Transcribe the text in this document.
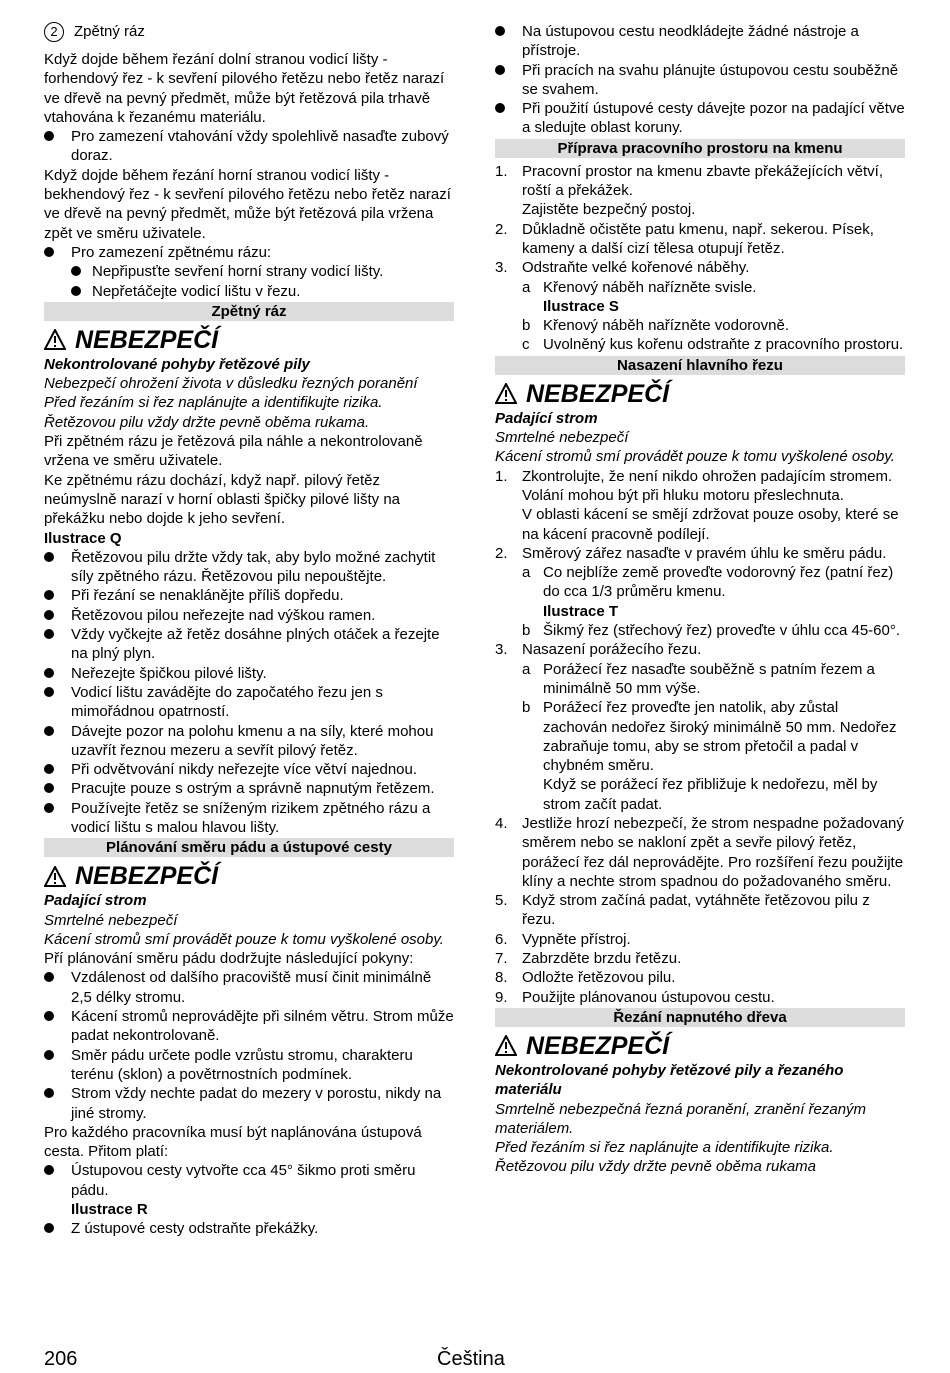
2 Zpětný ráz

Když dojde během řezání dolní stranou vodicí lišty - forhendový řez - k sevření pilového řetězu nebo řetěz narazí ve dřevě na pevný předmět, může být řetězová pila trhavě vtahována k řezanému materiálu.

Pro zamezení vtahování vždy spolehlivě nasaďte zubový doraz.

Když dojde během řezání horní stranou vodicí lišty - bekhendový řez - k sevření pilového řetězu nebo řetěz narazí ve dřevě na pevný předmět, může být řetězová pila vržena zpět ve směru uživatele.

Pro zamezení zpětnému rázu:

Nepřipusťte sevření horní strany vodicí lišty.

Nepřetáčejte vodicí lištu v řezu.

Zpětný ráz
NEBEZPEČÍ

Nekontrolované pohyby řetězové pily

Nebezpečí ohrožení života v důsledku řezných poranění

Před řezáním si řez naplánujte a identifikujte rizika. Řetězovou pilu vždy držte pevně oběma rukama.

Při zpětném rázu je řetězová pila náhle a nekontrolovaně vržena ve směru uživatele.

Ke zpětnému rázu dochází, když např. pilový řetěz neúmyslně narazí v horní oblasti špičky pilové lišty na překážku nebo dojde k jeho sevření.

Ilustrace Q

Řetězovou pilu držte vždy tak, aby bylo možné zachytit síly zpětného rázu. Řetězovou pilu nepouštějte.

Při řezání se nenaklánějte příliš dopředu.

Řetězovou pilou neřezejte nad výškou ramen.

Vždy vyčkejte až řetěz dosáhne plných otáček a řezejte na plný plyn.

Neřezejte špičkou pilové lišty.

Vodicí lištu zavádějte do započatého řezu jen s mimořádnou opatrností.

Dávejte pozor na polohu kmenu a na síly, které mohou uzavřít řeznou mezeru a sevřít pilový řetěz.

Při odvětvování nikdy neřezejte více větví najednou.

Pracujte pouze s ostrým a správně napnutým řetězem.

Používejte řetěz se sníženým rizikem zpětného rázu a vodicí lištu s malou hlavou lišty.

Plánování směru pádu a ústupové cesty
NEBEZPEČÍ

Padající strom

Smrtelné nebezpečí

Kácení stromů smí provádět pouze k tomu vyškolené osoby.

Pří plánování směru pádu dodržujte následující pokyny:

Vzdálenost od dalšího pracoviště musí činit minimálně 2,5 délky stromu.

Kácení stromů neprovádějte při silném větru. Strom může padat nekontrolovaně.

Směr pádu určete podle vzrůstu stromu, charakteru terénu (sklon) a povětrnostních podmínek.

Strom vždy nechte padat do mezery v porostu, nikdy na jiné stromy.

Pro každého pracovníka musí být naplánována ústupová cesta. Přitom platí:

Ústupovou cesty vytvořte cca 45° šikmo proti směru pádu.

Ilustrace R

Z ústupové cesty odstraňte překážky.

Na ústupovou cestu neodkládejte žádné nástroje a přístroje.

Při pracích na svahu plánujte ústupovou cestu souběžně se svahem.

Při použití ústupové cesty dávejte pozor na padající větve a sledujte oblast koruny.

Příprava pracovního prostoru na kmenu

1. Pracovní prostor na kmenu zbavte překážejících větví, roští a překážek.

Zajistěte bezpečný postoj.

2. Důkladně očistěte patu kmenu, např. sekerou. Písek, kameny a další cizí tělesa otupují řetěz.

3. Odstraňte velké kořenové náběhy.

a Křenový náběh nařízněte svisle.

Ilustrace S

b Křenový náběh nařízněte vodorovně.

c Uvolněný kus kořenu odstraňte z pracovního prostoru.

Nasazení hlavního řezu
NEBEZPEČÍ

Padající strom

Smrtelné nebezpečí

Kácení stromů smí provádět pouze k tomu vyškolené osoby.

1. Zkontrolujte, že není nikdo ohrožen padajícím stromem. Volání mohou být při hluku motoru přeslechnuta.

V oblasti kácení se smějí zdržovat pouze osoby, které se na kácení pracovně podílejí.

2. Směrový zářez nasaďte v pravém úhlu ke směru pádu.

a Co nejblíže země proveďte vodorovný řez (patní řez) do cca 1/3 průměru kmenu.

Ilustrace T

b Šikmý řez (střechový řez) proveďte v úhlu cca 45-60°.

3. Nasazení porážecího řezu.

a Porážecí řez nasaďte souběžně s patním řezem a minimálně 50 mm výše.

b Porážecí řez proveďte jen natolik, aby zůstal zachován nedořez široký minimálně 50 mm. Nedořez zabraňuje tomu, aby se strom přetočil a padal v chybném směru.

Když se porážecí řez přibližuje k nedořezu, měl by strom začít padat.

4. Jestliže hrozí nebezpečí, že strom nespadne požadovaný směrem nebo se nakloní zpět a sevře pilový řetěz, porážecí řez dál neprovádějte. Pro rozšíření řezu použijte klíny a nechte strom spadnou do požadovaného směru.

5. Když strom začíná padat, vytáhněte řetězovou pilu z řezu.

6. Vypněte přístroj.

7. Zabrzděte brzdu řetězu.

8. Odložte řetězovou pilu.

9. Použijte plánovanou ústupovou cestu.

Řezání napnutého dřeva
NEBEZPEČÍ

Nekontrolované pohyby řetězové pily a řezaného materiálu

Smrtelně nebezpečná řezná poranění, zranění řezaným materiálem.

Před řezáním si řez naplánujte a identifikujte rizika. Řetězovou pilu vždy držte pevně oběma rukama

206	Čeština
